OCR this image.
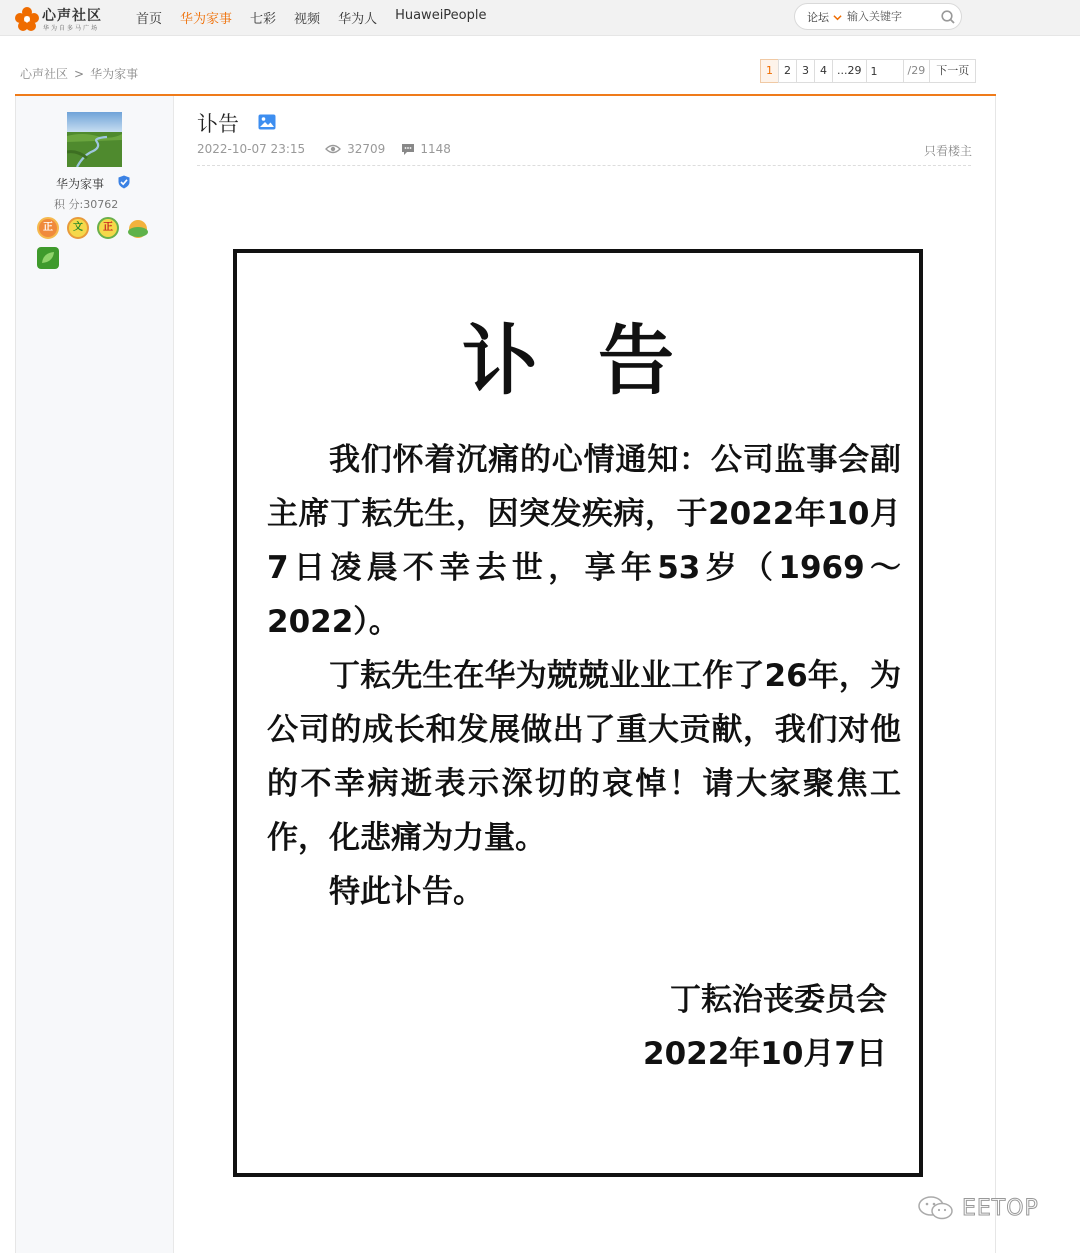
心声社区
华为自多马广场
首页 华为家事 七彩 视频 华为人 HuaweiPeople	论坛
输入关键字
心声社区 > 华为家事	1	2	3	4 ...29
1	/29	下一页
华为家事
积 分:30762
正	文	正
讣告
2022-10-07 23:15	32709	1148	只看楼主
讣告

我们怀着沉痛的心情通知：公司监事会副主席丁耘先生，因突发疾病，于2022年10月7日凌晨不幸去世，享年53岁（1969～2022）。

丁耘先生在华为兢兢业业工作了26年，为公司的成长和发展做出了重大贡献，我们对他的不幸病逝表示深切的哀悼！请大家聚焦工作，化悲痛为力量。

特此讣告。

丁耘治丧委员会
2022年10月7日
EETOP
